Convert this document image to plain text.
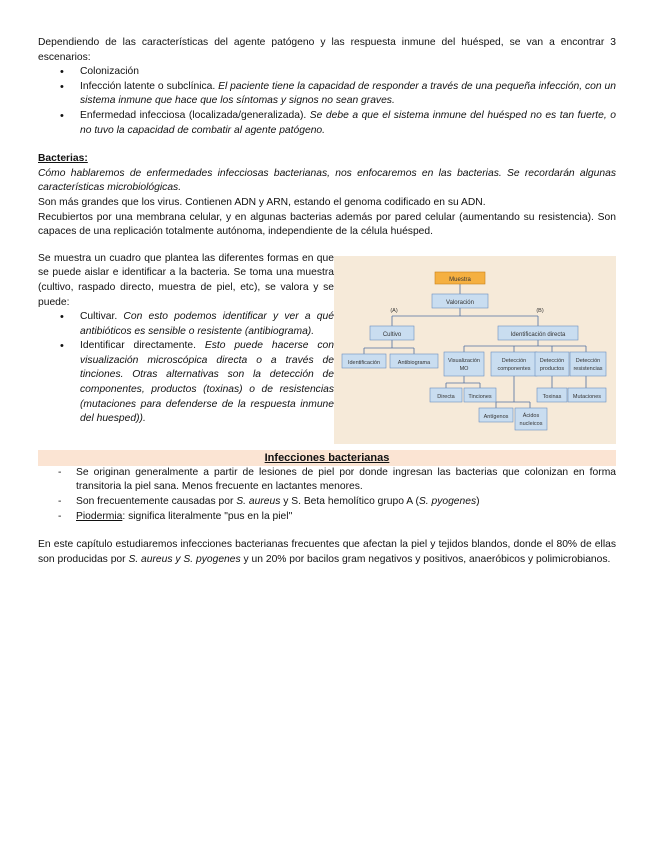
Dependiendo de las características del agente patógeno y las respuesta inmune del huésped, se van a encontrar 3 escenarios:

• Colonización
• Infección latente o subclínica. El paciente tiene la capacidad de responder a través de una pequeña infección, con un sistema inmune que hace que los síntomas y signos no sean graves.
• Enfermedad infecciosa (localizada/generalizada). Se debe a que el sistema inmune del huésped no es tan fuerte, o no tuvo la capacidad de combatir al agente patógeno.

Bacterias:

Cómo hablaremos de enfermedades infecciosas bacterianas, nos enfocaremos en las bacterias. Se recordarán algunas características microbiológicas.

Son más grandes que los virus. Contienen ADN y ARN, estando el genoma codificado en su ADN.

Recubiertos por una membrana celular, y en algunas bacterias además por pared celular (aumentando su resistencia). Son capaces de una replicación totalmente autónoma, independiente de la célula huésped.

Se muestra un cuadro que plantea las diferentes formas en que se puede aislar e identificar a la bacteria. Se toma una muestra (cultivo, raspado directo, muestra de piel, etc), se valora y se puede:

• Cultivar. Con esto podemos identificar y ver a qué antibióticos es sensible o resistente (antibiograma).
• Identificar directamente. Esto puede hacerse con visualización microscópica directa o a través de tinciones. Otras alternativas son la detección de componentes, productos (toxinas) o de resistencias (mutaciones para defenderse de la respuesta inmune del huesped)).
Muestra
Valoración
(A)	(B)
Cultivo	Identificación directa
Identificación	Antibiograma	Visualización
MO
Detección
componentes
Detección
productos
Detección
resistencias
Directa Tinciones	Toxinas Mutaciones
Antígenos	Ácidos
nucleicos
Infecciones bacterianas
- Se originan generalmente a partir de lesiones de piel por donde ingresan las bacterias que colonizan en forma transitoria la piel sana. Menos frecuente en lactantes menores.
- Son frecuentemente causadas por S. aureus y S. Beta hemolítico grupo A (S. pyogenes)
- Piodermia: significa literalmente "pus en la piel"

En este capítulo estudiaremos infecciones bacterianas frecuentes que afectan la piel y tejidos blandos, donde el 80% de ellas son producidas por S. aureus y S. pyogenes y un 20% por bacilos gram negativos y positivos, anaeróbicos y polimicrobianos.
